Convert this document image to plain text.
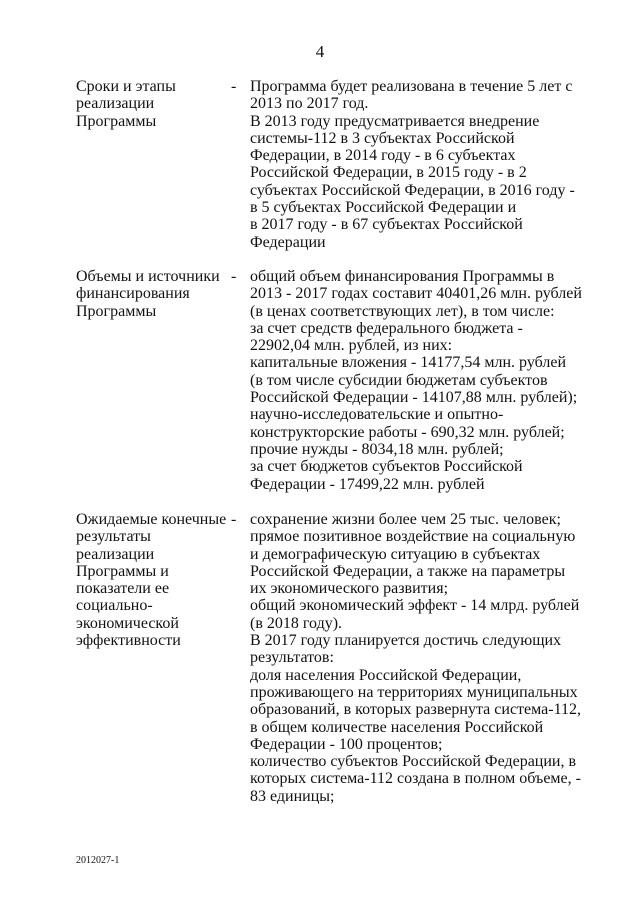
4
Сроки и этапы
реализации
Программы
- Программа будет реализована в течение 5 лет с
2013 по 2017 год.
В 2013 году предусматривается внедрение
системы-112 в 3 субъектах Российской
Федерации, в 2014 году - в 6 субъектах
Российской Федерации, в 2015 году - в 2
субъектах Российской Федерации, в 2016 году -
в 5 субъектах Российской Федерации и
в 2017 году - в 67 субъектах Российской
Федерации
Объемы и источники
финансирования
Программы
- общий объем финансирования Программы в
2013 - 2017 годах составит 40401,26 млн. рублей
(в ценах соответствующих лет), в том числе:
за счет средств федерального бюджета -
22902,04 млн. рублей, из них:
капитальные вложения - 14177,54 млн. рублей
(в том числе субсидии бюджетам субъектов
Российской Федерации - 14107,88 млн. рублей);
научно-исследовательские и опытно-
конструкторские работы - 690,32 млн. рублей;
прочие нужды - 8034,18 млн. рублей;
за счет бюджетов субъектов Российской
Федерации - 17499,22 млн. рублей
Ожидаемые конечные
результаты
реализации
Программы и
показатели ее
социально-
экономической
эффективности
- сохранение жизни более чем 25 тыс. человек;
прямое позитивное воздействие на социальную
и демографическую ситуацию в субъектах
Российской Федерации, а также на параметры
их экономического развития;
общий экономический эффект - 14 млрд. рублей
(в 2018 году).
В 2017 году планируется достичь следующих
результатов:
доля населения Российской Федерации,
проживающего на территориях муниципальных
образований, в которых развернута система-112,
в общем количестве населения Российской
Федерации - 100 процентов;
количество субъектов Российской Федерации, в
которых система-112 создана в полном объеме, -
83 единицы;
2012027-1
